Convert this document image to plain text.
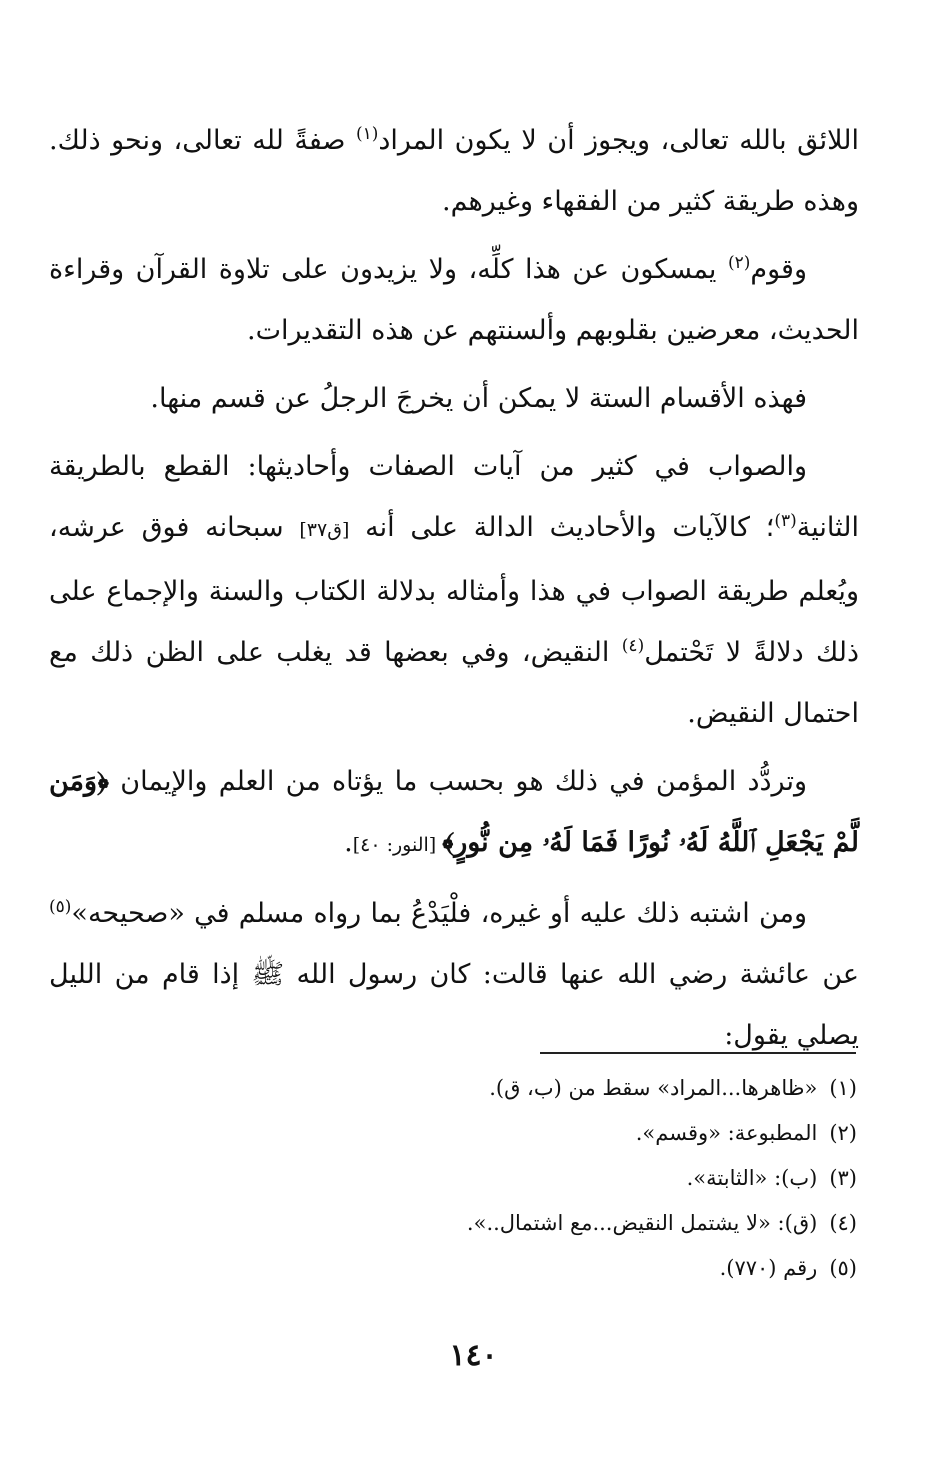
اللائق بالله تعالى، ويجوز أن لا يكون المراد$^{(١)}$ صفةً لله تعالى، ونحو ذلك. وهذه طريقة كثير من الفقهاء وغيرهم.

وقوم$^{(٢)}$ يمسكون عن هذا كلِّه، ولا يزيدون على تلاوة القرآن وقراءة الحديث، معرضين بقلوبهم وألسنتهم عن هذه التقديرات.

فهذه الأقسام الستة لا يمكن أن يخرجَ الرجلُ عن قسم منها.

والصواب في كثير من آيات الصفات وأحاديثها: القطع بالطريقة الثانية$^{(٣)}$؛ كالآيات والأحاديث الدالة على أنه [ق٣٧] سبحانه فوق عرشه، ويُعلم طريقة الصواب في هذا وأمثاله بدلالة الكتاب والسنة والإجماع على ذلك دلالةً لا تَحْتمل$^{(٤)}$ النقيض، وفي بعضها قد يغلب على الظن ذلك مع احتمال النقيض.

وتردُّد المؤمن في ذلك هو بحسب ما يؤتاه من العلم والإيمان ﴿وَمَن لَّمْ يَجْعَلِ ٱللَّهُ لَهُۥ نُورًا فَمَا لَهُۥ مِن نُّورٍ﴾ [النور: ٤٠].

ومن اشتبه ذلك عليه أو غيره، فلْيَدْعُ بما رواه مسلم في «صحيحه»$^{(٥)}$ عن عائشة رضي الله عنها قالت: كان رسول الله ﷺ إذا قام من الليل يصلي يقول:

(١)«ظاهرها...المراد» سقط من (ب، ق).
(٢)المطبوعة: «وقسم».
(٣)(ب): «الثابتة».
(٤)(ق): «لا يشتمل النقيض...مع اشتمال..».
(٥)رقم (٧٧٠).
١٤٠
